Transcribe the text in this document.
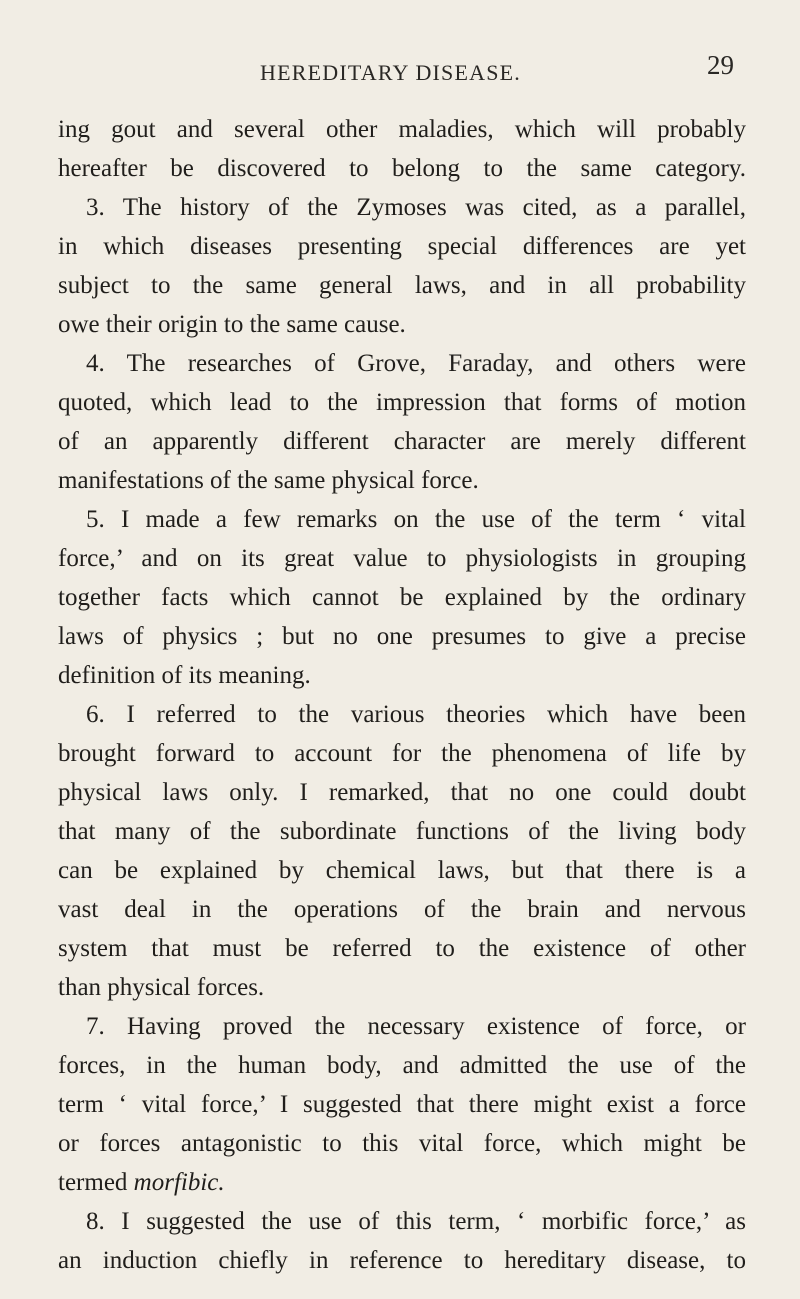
HEREDITARY DISEASE.	29
ing gout and several other maladies, which will probably
hereafter be discovered to belong to the same category.
3. The history of the Zymoses was cited, as a parallel,
in which diseases presenting special differences are yet
subject to the same general laws, and in all probability
owe their origin to the same cause.
4. The researches of Grove, Faraday, and others were
quoted, which lead to the impression that forms of motion
of an apparently different character are merely different
manifestations of the same physical force.
5. I made a few remarks on the use of the term ‘ vital
force,’ and on its great value to physiologists in grouping
together facts which cannot be explained by the ordinary
laws of physics ; but no one presumes to give a precise
definition of its meaning.
6. I referred to the various theories which have been
brought forward to account for the phenomena of life by
physical laws only. I remarked, that no one could doubt
that many of the subordinate functions of the living body
can be explained by chemical laws, but that there is a
vast deal in the operations of the brain and nervous
system that must be referred to the existence of other
than physical forces.
7. Having proved the necessary existence of force, or
forces, in the human body, and admitted the use of the
term ‘ vital force,’ I suggested that there might exist a force
or forces antagonistic to this vital force, which might be
termed morfibic.
8. I suggested the use of this term, ‘ morbific force,’ as
an induction chiefly in reference to hereditary disease, to
